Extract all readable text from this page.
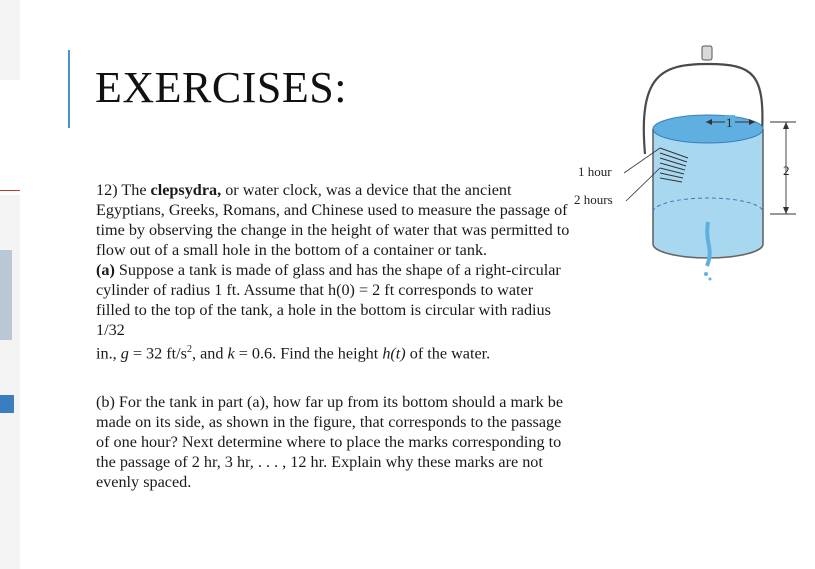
EXERCISES:

12) The clepsydra, or water clock, was a device that the ancient Egyptians, Greeks, Romans, and Chinese used to measure the passage of time by observing the change in the height of water that was permitted to flow out of a small hole in the bottom of a container or tank.
(a) Suppose a tank is made of glass and has the shape of a right-circular cylinder of radius 1 ft. Assume that h(0) = 2 ft corresponds to water filled to the top of the tank, a hole in the bottom is circular with radius 1/32
in., g = 32 $ft/s^2$, and k = 0.6. Find the height h(t) of the water.

(b) For the tank in part (a), how far up from its bottom should a mark be made on its side, as shown in the figure, that corresponds to the passage of one hour? Next determine where to place the marks corresponding to the passage of 2 hr, 3 hr, . . . , 12 hr. Explain why these marks are not evenly spaced.

1 hour
2 hours
1
2
